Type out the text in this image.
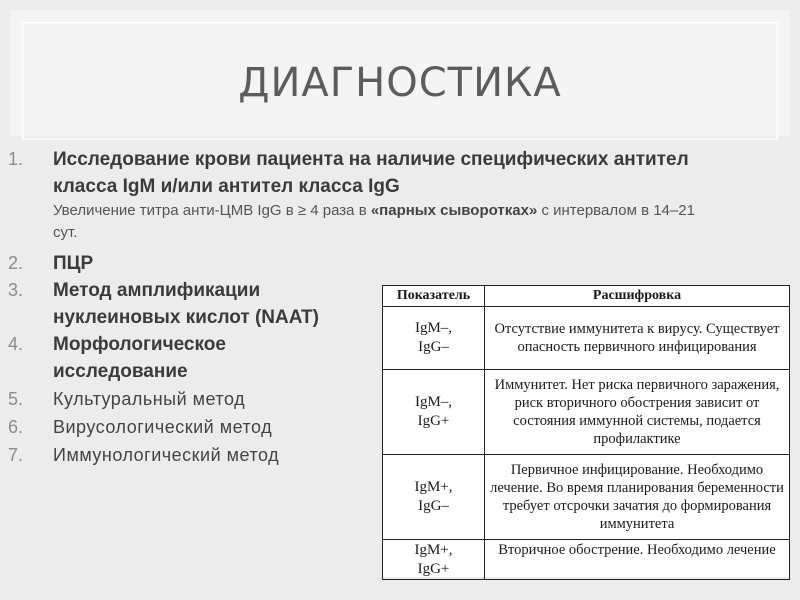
ДИАГНОСТИКА
1. Исследование крови пациента на наличие специфических антител класса IgM и/или антител класса IgG
Увеличение титра анти-ЦМВ IgG в ≥ 4 раза в «парных сыворотках» с интервалом в 14–21 сут.
2. ПЦР
3. Метод амплификации нуклеиновых кислот (NAAT)
4. Морфологическое исследование
5. Культуральный метод
6. Вирусологический метод
7. Иммунологический метод
Показатель	Расшифровка

IgM–,
IgG–	Отсутствие иммунитета к вирусу. Существует опасность первичного инфицирования

IgM–,
IgG+	Иммунитет. Нет риска первичного заражения, риск вторичного обострения зависит от состояния иммунной системы, подается профилактике

IgM+,
IgG–	Первичное инфицирование. Необходимо лечение. Во время планирования беременности требует отсрочки зачатия до формирования иммунитета

IgM+,
IgG+	Вторичное обострение. Необходимо лечение
